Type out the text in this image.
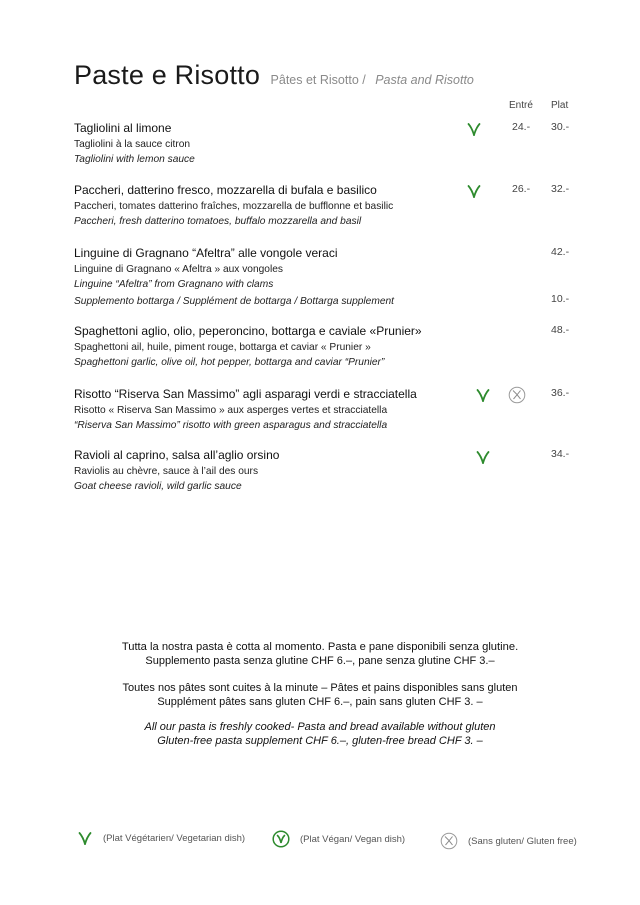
Paste e Risotto Pâtes et Risotto / Pasta and Risotto
Entré Plat
Tagliolini al limone
Tagliolini à la sauce citron
Tagliolini with lemon sauce
24.- 30.-
Paccheri, datterino fresco, mozzarella di bufala e basilico
Paccheri, tomates datterino fraîches, mozzarella de bufflonne et basilic
Paccheri, fresh datterino tomatoes, buffalo mozzarella and basil
26.- 32.-
Linguine di Gragnano “Afeltra” alle vongole veraci
Linguine di Gragnano « Afeltra » aux vongoles
Linguine “Afeltra” from Gragnano with clams
Supplemento bottarga / Supplément de bottarga / Bottarga supplement
42.-
10.-
Spaghettoni aglio, olio, peperoncino, bottarga e caviale «Prunier»
Spaghettoni ail, huile, piment rouge, bottarga et caviar « Prunier »
Spaghettoni garlic, olive oil, hot pepper, bottarga and caviar “Prunier”
48.-
Risotto “Riserva San Massimo” agli asparagi verdi e stracciatella
Risotto « Riserva San Massimo » aux asperges vertes et stracciatella
“Riserva San Massimo” risotto with green asparagus and stracciatella
36.-
Ravioli al caprino, salsa all’aglio orsino
Raviolis au chèvre, sauce à l’ail des ours
Goat cheese ravioli, wild garlic sauce
34.-
Tutta la nostra pasta è cotta al momento. Pasta e pane disponibili senza glutine.
Supplemento pasta senza glutine CHF 6.–, pane senza glutine CHF 3.–
Toutes nos pâtes sont cuites à la minute – Pâtes et pains disponibles sans gluten
Supplément pâtes sans gluten CHF 6.–, pain sans gluten CHF 3. –
All our pasta is freshly cooked- Pasta and bread available without gluten
Gluten-free pasta supplement CHF 6.–, gluten-free bread CHF 3. –
(Plat Végétarien/ Vegetarian dish)	(Plat Végan/ Vegan dish)	(Sans gluten/ Gluten free)
